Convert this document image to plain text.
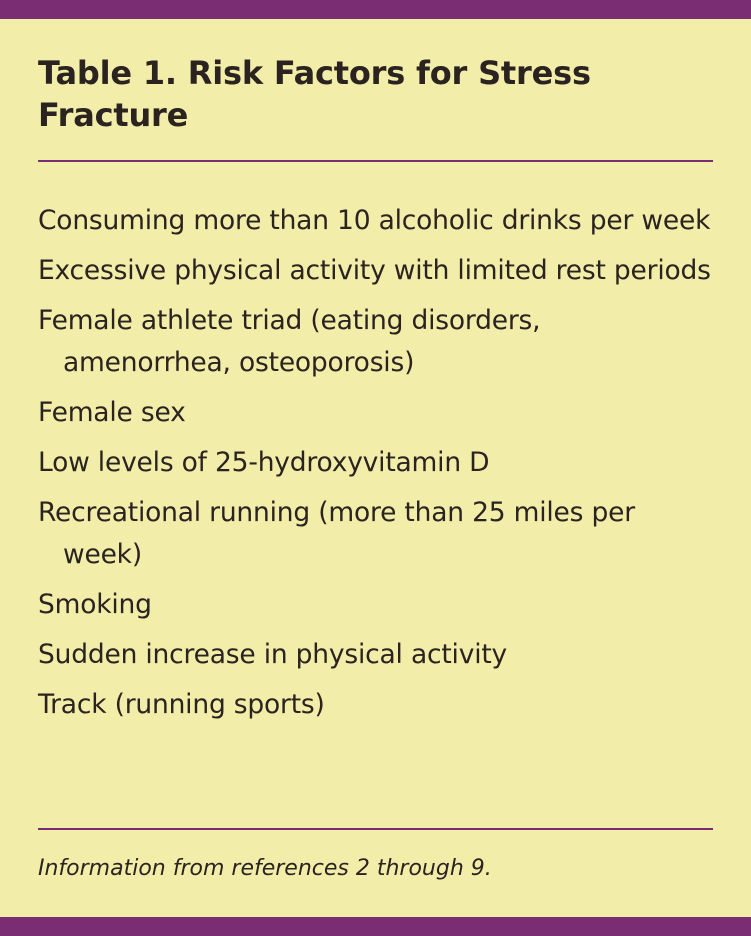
Table 1. Risk Factors for Stress Fracture
Consuming more than 10 alcoholic drinks per week
Excessive physical activity with limited rest periods
Female athlete triad (eating disorders, amenorrhea, osteoporosis)
Female sex
Low levels of 25-hydroxyvitamin D
Recreational running (more than 25 miles per week)
Smoking
Sudden increase in physical activity
Track (running sports)

Information from references 2 through 9.
